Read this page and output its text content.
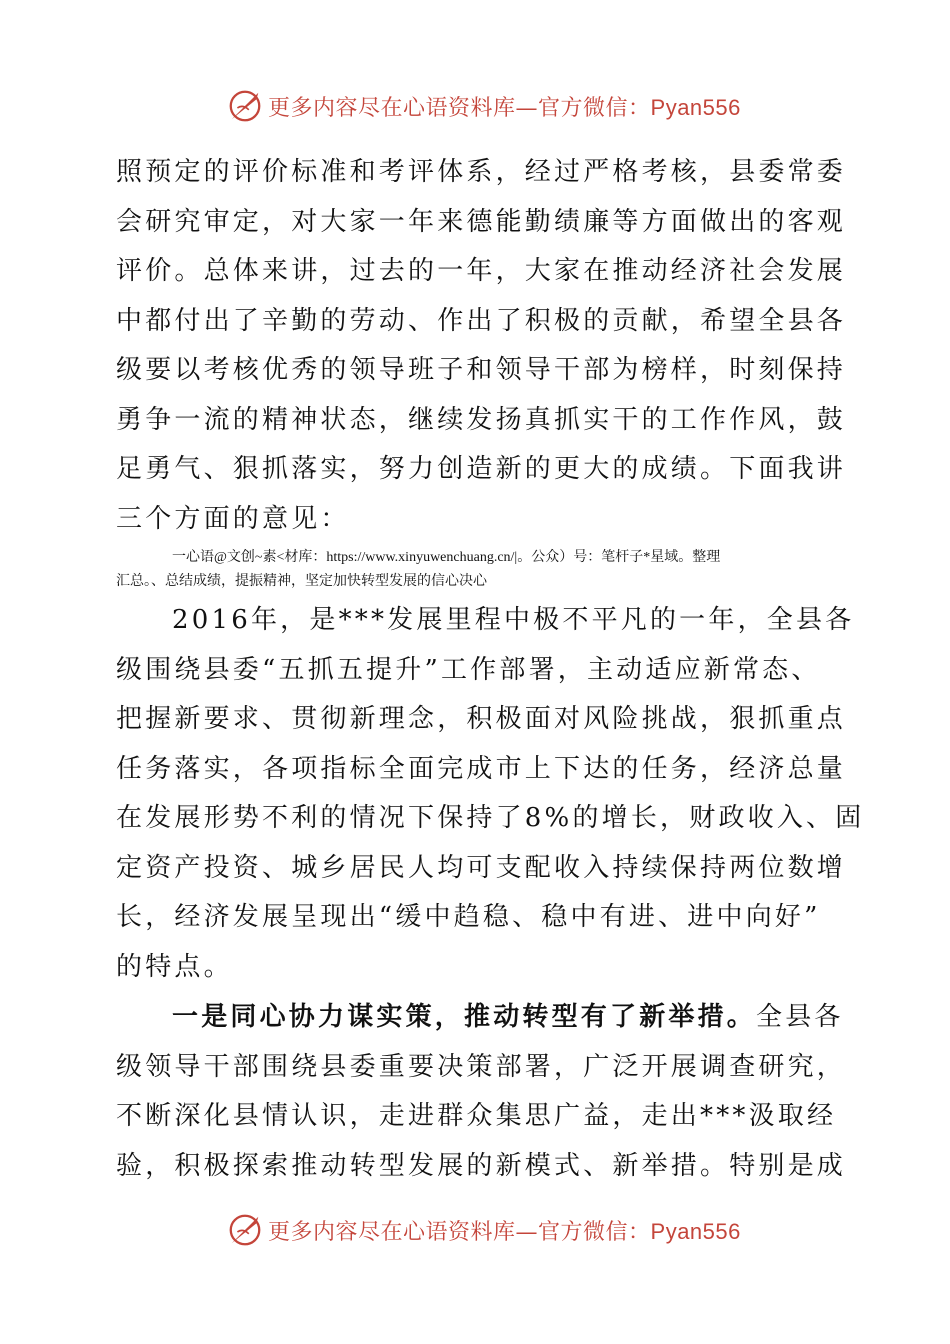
更多内容尽在心语资料库—官方微信：Pyan556
照预定的评价标准和考评体系，经过严格考核，县委常委
会研究审定，对大家一年来德能勤绩廉等方面做出的客观
评价。总体来讲，过去的一年，大家在推动经济社会发展
中都付出了辛勤的劳动、作出了积极的贡献，希望全县各
级要以考核优秀的领导班子和领导干部为榜样，时刻保持
勇争一流的精神状态，继续发扬真抓实干的工作作风，鼓
足勇气、狠抓落实，努力创造新的更大的成绩。下面我讲
三个方面的意见：
一心语@文创~素<材库：https://www.xinyuwenchuang.cn/|。公众）号：笔杆子*星域。整理
汇总。、总结成绩，提振精神，坚定加快转型发展的信心决心
2016年，是***发展里程中极不平凡的一年，全县各
级围绕县委“五抓五提升”工作部署，主动适应新常态、
把握新要求、贯彻新理念，积极面对风险挑战，狠抓重点
任务落实，各项指标全面完成市上下达的任务，经济总量
在发展形势不利的情况下保持了8%的增长，财政收入、固
定资产投资、城乡居民人均可支配收入持续保持两位数增
长，经济发展呈现出“缓中趋稳、稳中有进、进中向好”
的特点。
一是同心协力谋实策，推动转型有了新举措。全县各
级领导干部围绕县委重要决策部署，广泛开展调查研究，
不断深化县情认识，走进群众集思广益，走出***汲取经
验，积极探索推动转型发展的新模式、新举措。特别是成
更多内容尽在心语资料库—官方微信：Pyan556
